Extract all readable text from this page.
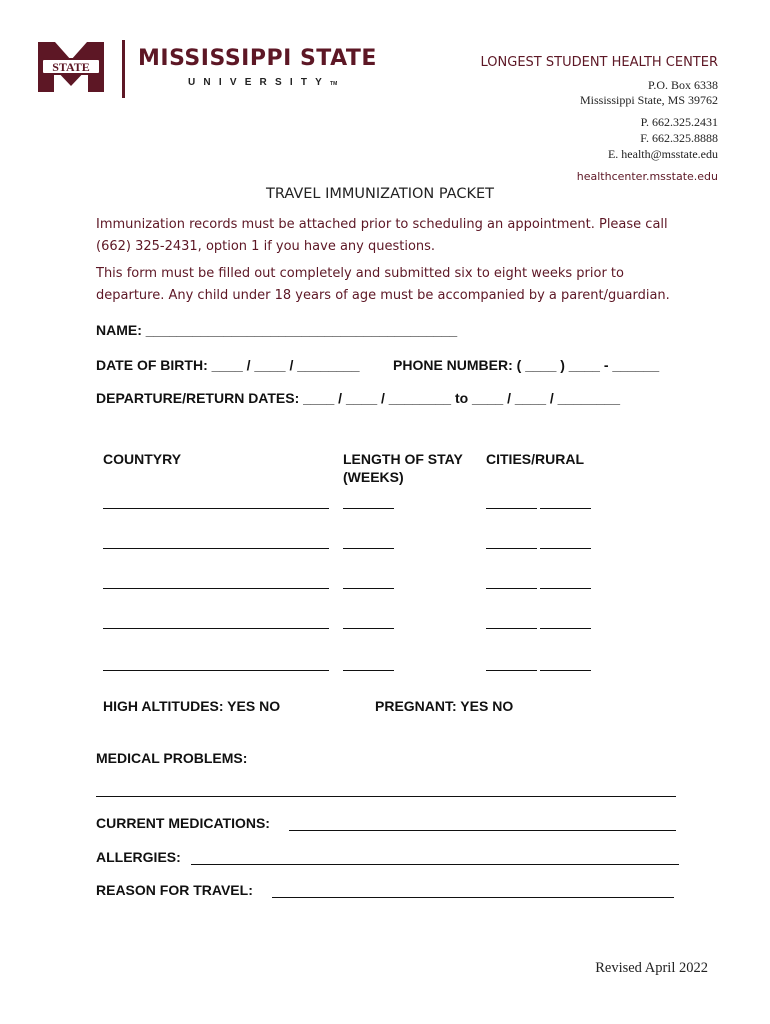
STATE MISSISSIPPI STATE
UNIVERSITYTM
LONGEST STUDENT HEALTH CENTER
P.O. Box 6338
Mississippi State, MS 39762
P. 662.325.2431
F. 662.325.8888
E. health@msstate.edu
healthcenter.msstate.edu
TRAVEL IMMUNIZATION PACKET
Immunization records must be attached prior to scheduling an appointment. Please call (662) 325-2431, option 1 if you have any questions.
This form must be filled out completely and submitted six to eight weeks prior to departure. Any child under 18 years of age must be accompanied by a parent/guardian.
NAME: ________________________________________
DATE OF BIRTH: ____ / ____ / ________ PHONE NUMBER: ( ____ ) ____ - ______
DEPARTURE/RETURN DATES: ____ / ____ / ________ to ____ / ____ / ________
COUNTYRY	LENGTH OF STAY (WEEKS)
CITIES/RURAL
HIGH ALTITUDES: YES NO	PREGNANT: YES NO
MEDICAL PROBLEMS:
CURRENT MEDICATIONS:
ALLERGIES:
REASON FOR TRAVEL:
Revised April 2022
